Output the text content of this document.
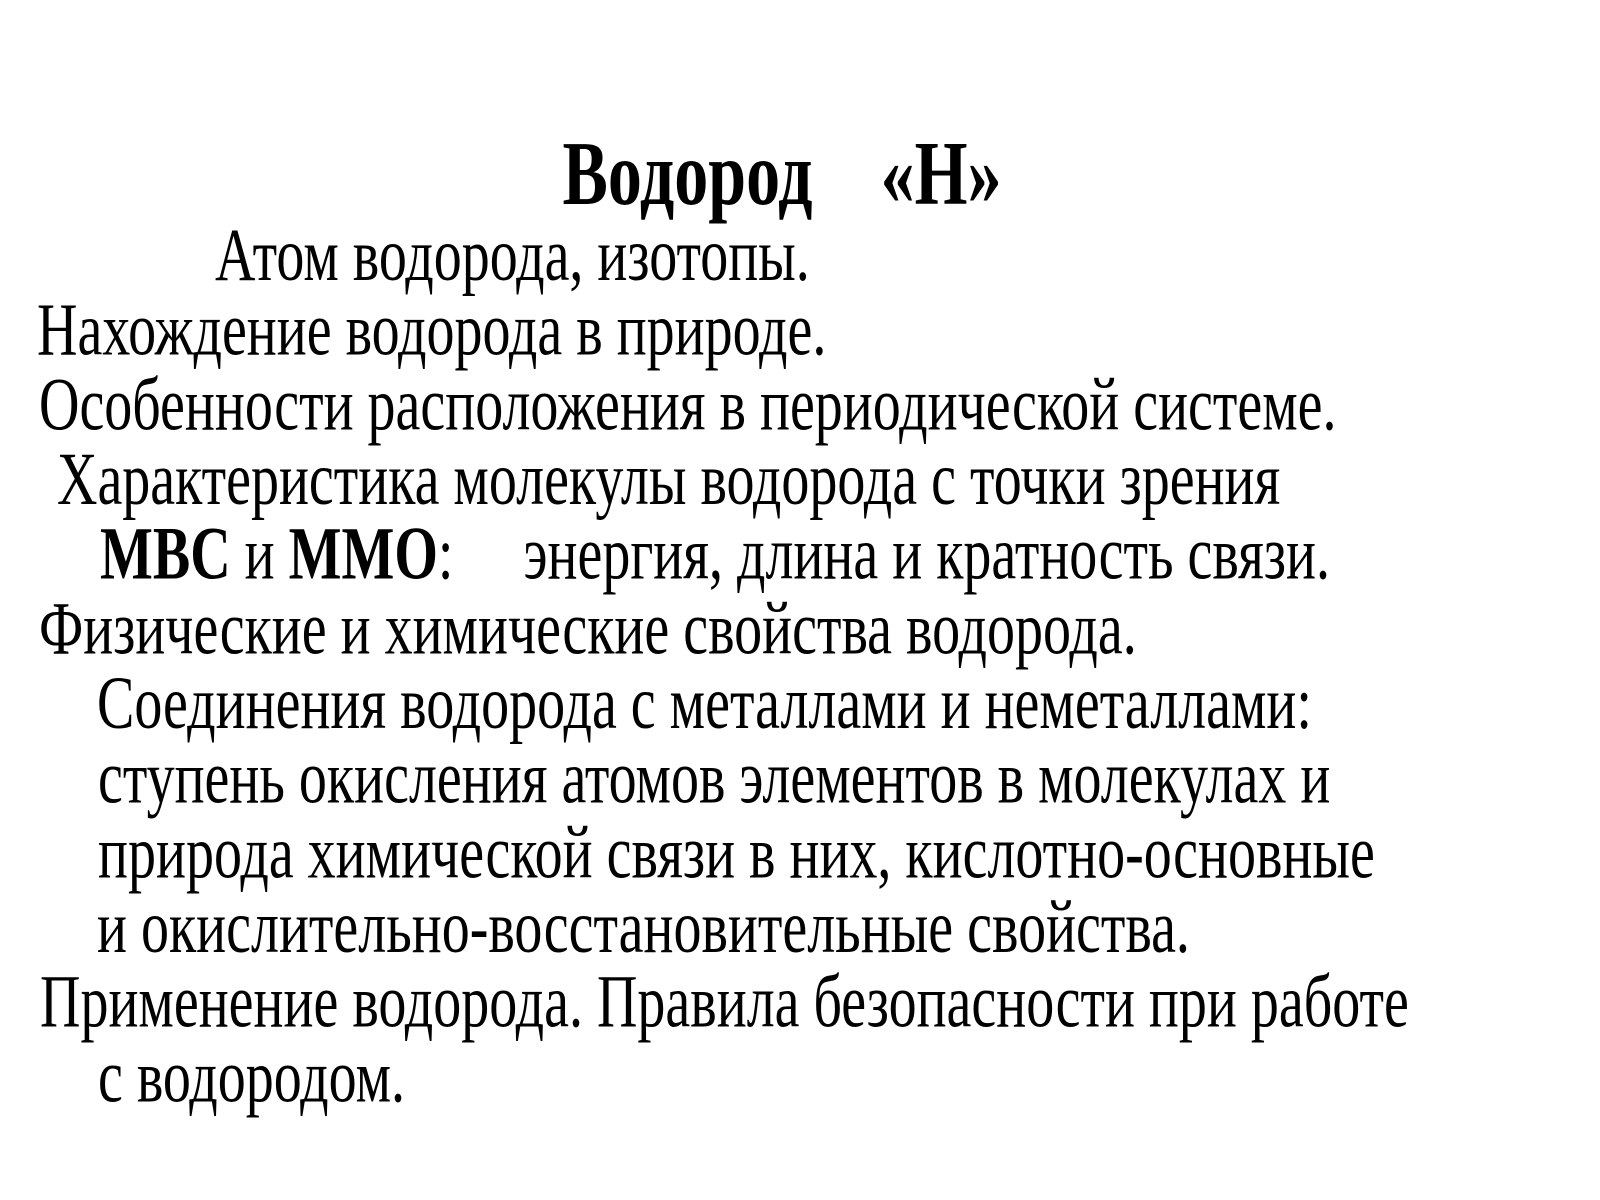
Водород    «Н»
Атом водорода, изотопы.
Нахождение водорода в природе.
Особенности расположения в периодической системе.
Характеристика молекулы водорода с точки зрения
МВС и ММО:     энергия, длина и кратность связи.
Физические и химические свойства водорода.
Соединения водорода с металлами и неметаллами:
ступень окисления атомов элементов в молекулах и
природа химической связи в них, кислотно-основные
и окислительно-восстановительные свойства.
Применение водорода. Правила безопасности при работе
с водородом.
